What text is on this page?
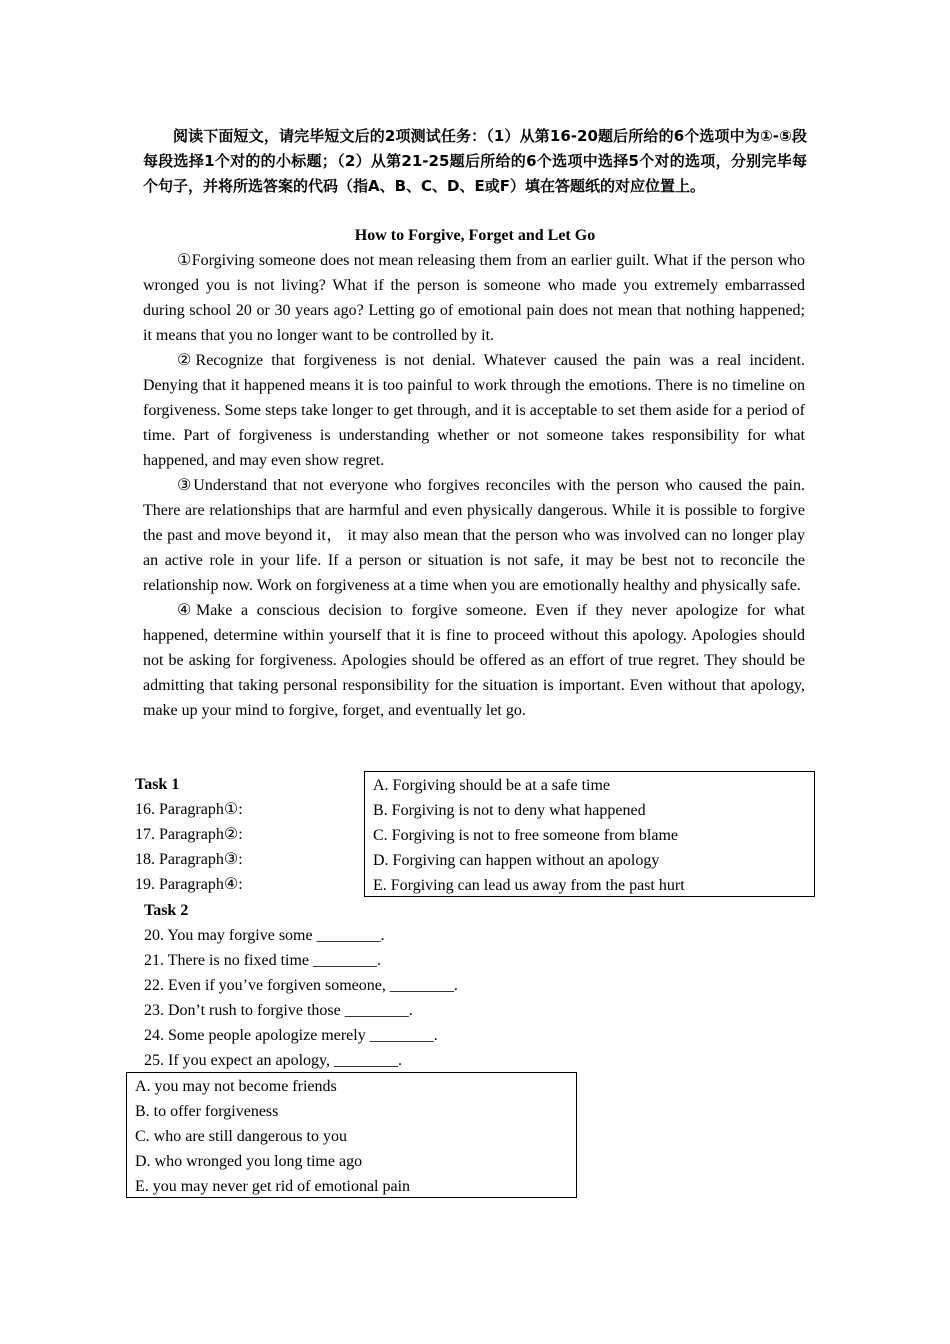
阅读下面短文，请完毕短文后的2项测试任务：（1）从第16-20题后所给的6个选项中为①-⑤段每段选择1个对的的小标题；（2）从第21-25题后所给的6个选项中选择5个对的选项，分别完毕每个句子，并将所选答案的代码（指A、B、C、D、E或F）填在答题纸的对应位置上。

How to Forgive, Forget and Let Go

①Forgiving someone does not mean releasing them from an earlier guilt. What if the person who wronged you is not living? What if the person is someone who made you extremely embarrassed during school 20 or 30 years ago? Letting go of emotional pain does not mean that nothing happened; it means that you no longer want to be controlled by it.

②Recognize that forgiveness is not denial. Whatever caused the pain was a real incident. Denying that it happened means it is too painful to work through the emotions. There is no timeline on forgiveness. Some steps take longer to get through, and it is acceptable to set them aside for a period of time. Part of forgiveness is understanding whether or not someone takes responsibility for what happened, and may even show regret.

③Understand that not everyone who forgives reconciles with the person who caused the pain. There are relationships that are harmful and even physically dangerous. While it is possible to forgive the past and move beyond it， it may also mean that the person who was involved can no longer play an active role in your life. If a person or situation is not safe, it may be best not to reconcile the relationship now. Work on forgiveness at a time when you are emotionally healthy and physically safe.

④Make a conscious decision to forgive someone. Even if they never apologize for what happened, determine within yourself that it is fine to proceed without this apology. Apologies should not be asking for forgiveness. Apologies should be offered as an effort of true regret. They should be admitting that taking personal responsibility for the situation is important. Even without that apology, make up your mind to forgive, forget, and eventually let go.

Task 1
16. Paragraph①:
17. Paragraph②:
18. Paragraph③:
19. Paragraph④:
A. Forgiving should be at a safe time
B. Forgiving is not to deny what happened
C. Forgiving is not to free someone from blame
D. Forgiving can happen without an apology
E. Forgiving can lead us away from the past hurt
Task 2
20. You may forgive some ________.
21. There is no fixed time ________.
22. Even if you’ve forgiven someone, ________.
23. Don’t rush to forgive those ________.
24. Some people apologize merely ________.
25. If you expect an apology, ________.
A. you may not become friends
B. to offer forgiveness
C. who are still dangerous to you
D. who wronged you long time ago
E. you may never get rid of emotional pain
